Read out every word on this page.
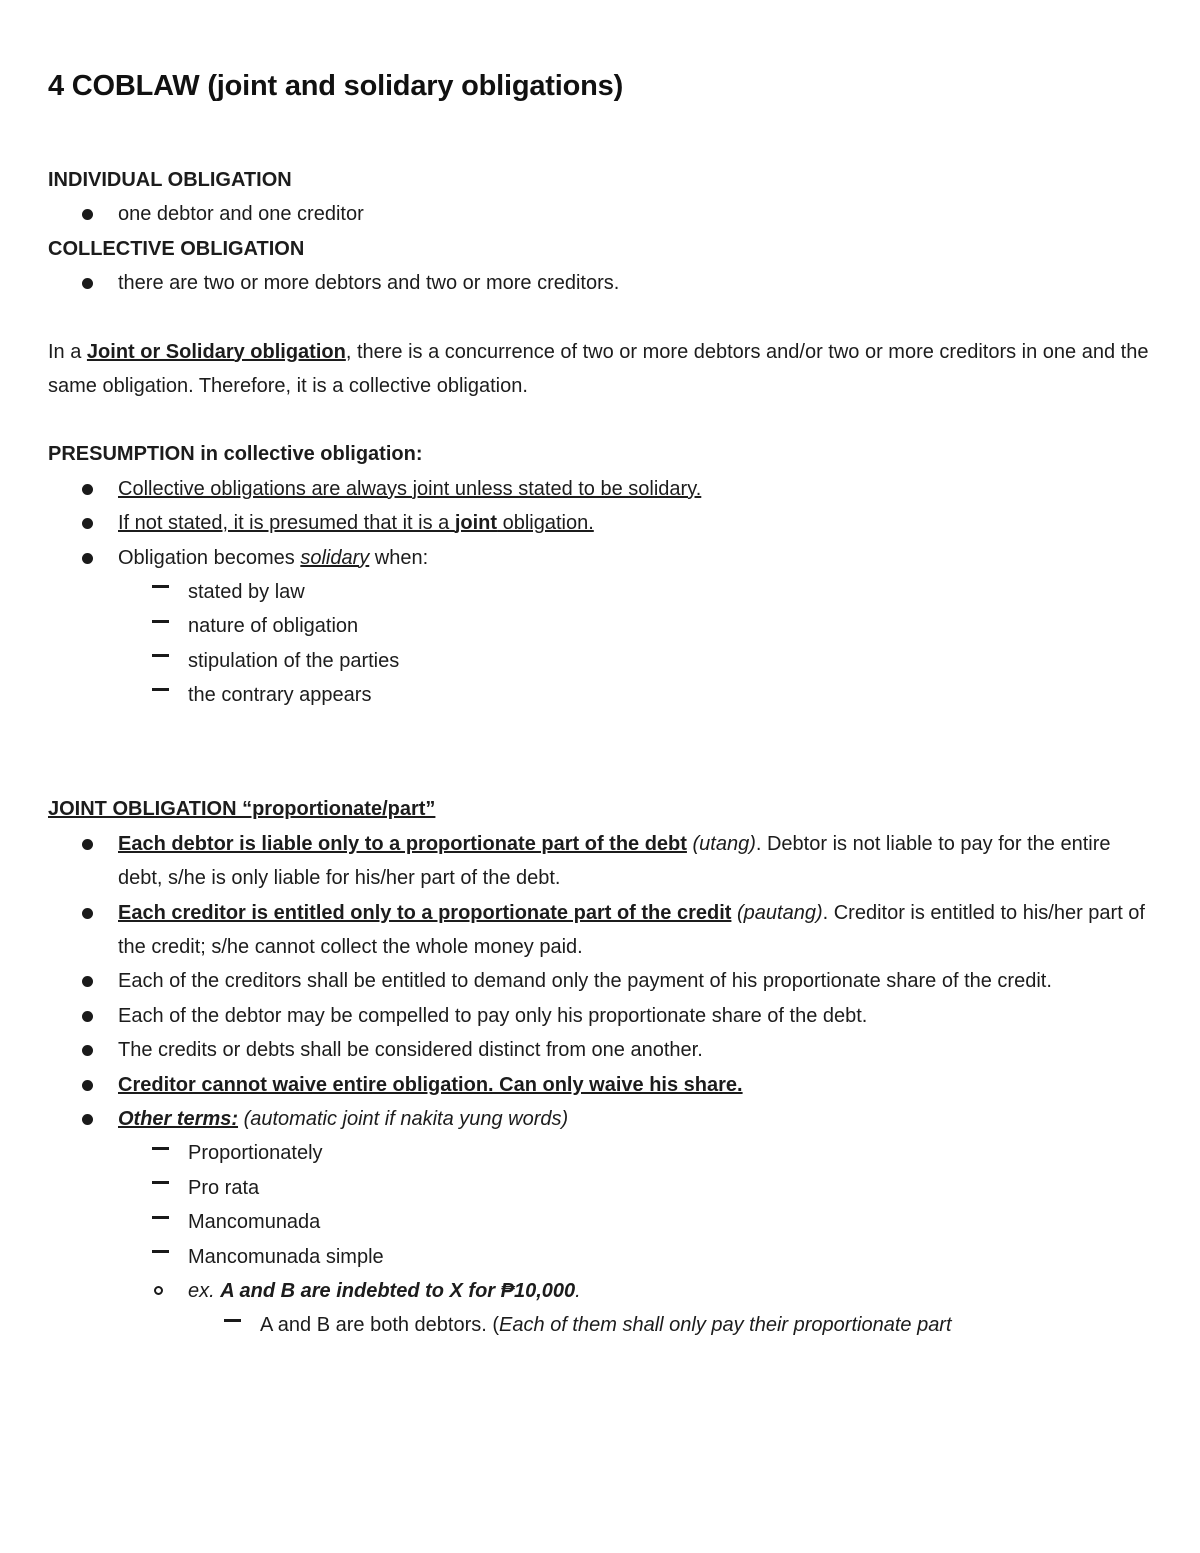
4 COBLAW (joint and solidary obligations)

INDIVIDUAL OBLIGATION

one debtor and one creditor

COLLECTIVE OBLIGATION

there are two or more debtors and two or more creditors.

In a Joint or Solidary obligation, there is a concurrence of two or more debtors and/or two or more creditors in one and the same obligation. Therefore, it is a collective obligation.

PRESUMPTION in collective obligation:

Collective obligations are always joint unless stated to be solidary.
If not stated, it is presumed that it is a joint obligation.
Obligation becomes solidary when:
stated by law
nature of obligation
stipulation of the parties
the contrary appears

JOINT OBLIGATION “proportionate/part”

Each debtor is liable only to a proportionate part of the debt (utang). Debtor is not liable to pay for the entire debt, s/he is only liable for his/her part of the debt.
Each creditor is entitled only to a proportionate part of the credit (pautang). Creditor is entitled to his/her part of the credit; s/he cannot collect the whole money paid.
Each of the creditors shall be entitled to demand only the payment of his proportionate share of the credit.
Each of the debtor may be compelled to pay only his proportionate share of the debt.
The credits or debts shall be considered distinct from one another.
Creditor cannot waive entire obligation. Can only waive his share.
Other terms: (automatic joint if nakita yung words)
Proportionately
Pro rata
Mancomunada
Mancomunada simple
ex. A and B are indebted to X for ₱10,000.
A and B are both debtors. (Each of them shall only pay their proportionate part
